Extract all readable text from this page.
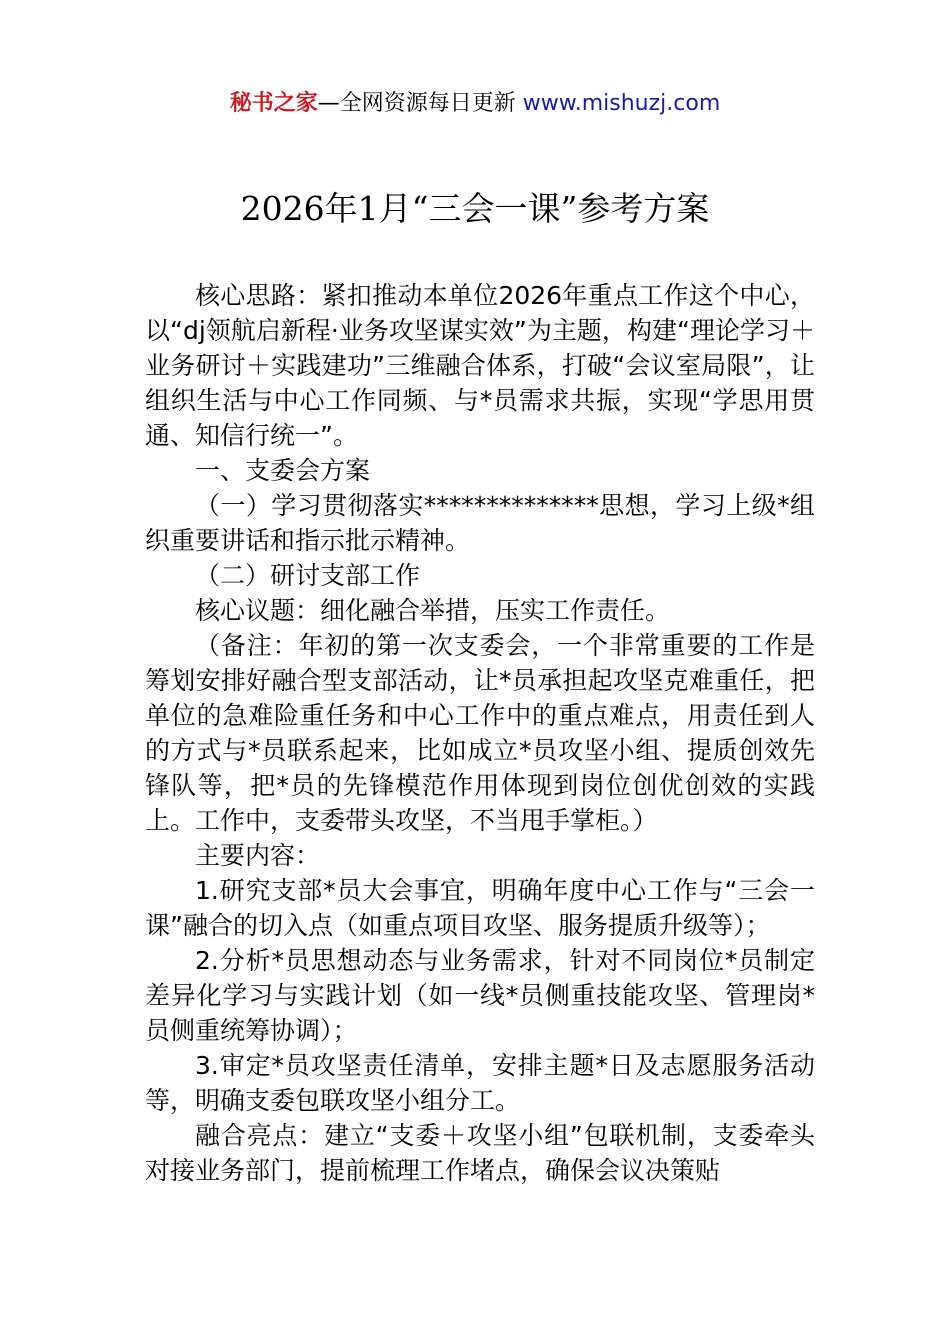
秘书之家—全网资源每日更新 www.mishuzj.com
2026年1月“三会一课”参考方案

核心思路：紧扣推动本单位2026年重点工作这个中心，以“dj领航启新程·业务攻坚谋实效”为主题，构建“理论学习＋业务研讨＋实践建功”三维融合体系，打破“会议室局限”，让组织生活与中心工作同频、与*员需求共振，实现“学思用贯通、知信行统一”。

一、支委会方案

（一）学习贯彻落实**************思想，学习上级*组织重要讲话和指示批示精神。

（二）研讨支部工作

核心议题：细化融合举措，压实工作责任。

（备注：年初的第一次支委会，一个非常重要的工作是筹划安排好融合型支部活动，让*员承担起攻坚克难重任，把单位的急难险重任务和中心工作中的重点难点，用责任到人的方式与*员联系起来，比如成立*员攻坚小组、提质创效先锋队等，把*员的先锋模范作用体现到岗位创优创效的实践上。工作中，支委带头攻坚，不当甩手掌柜。）

主要内容：

1.研究支部*员大会事宜，明确年度中心工作与“三会一课”融合的切入点（如重点项目攻坚、服务提质升级等）；

2.分析*员思想动态与业务需求，针对不同岗位*员制定差异化学习与实践计划（如一线*员侧重技能攻坚、管理岗*员侧重统筹协调）；

3.审定*员攻坚责任清单，安排主题*日及志愿服务活动等，明确支委包联攻坚小组分工。

融合亮点：建立“支委＋攻坚小组”包联机制，支委牵头对接业务部门，提前梳理工作堵点，确保会议决策贴
